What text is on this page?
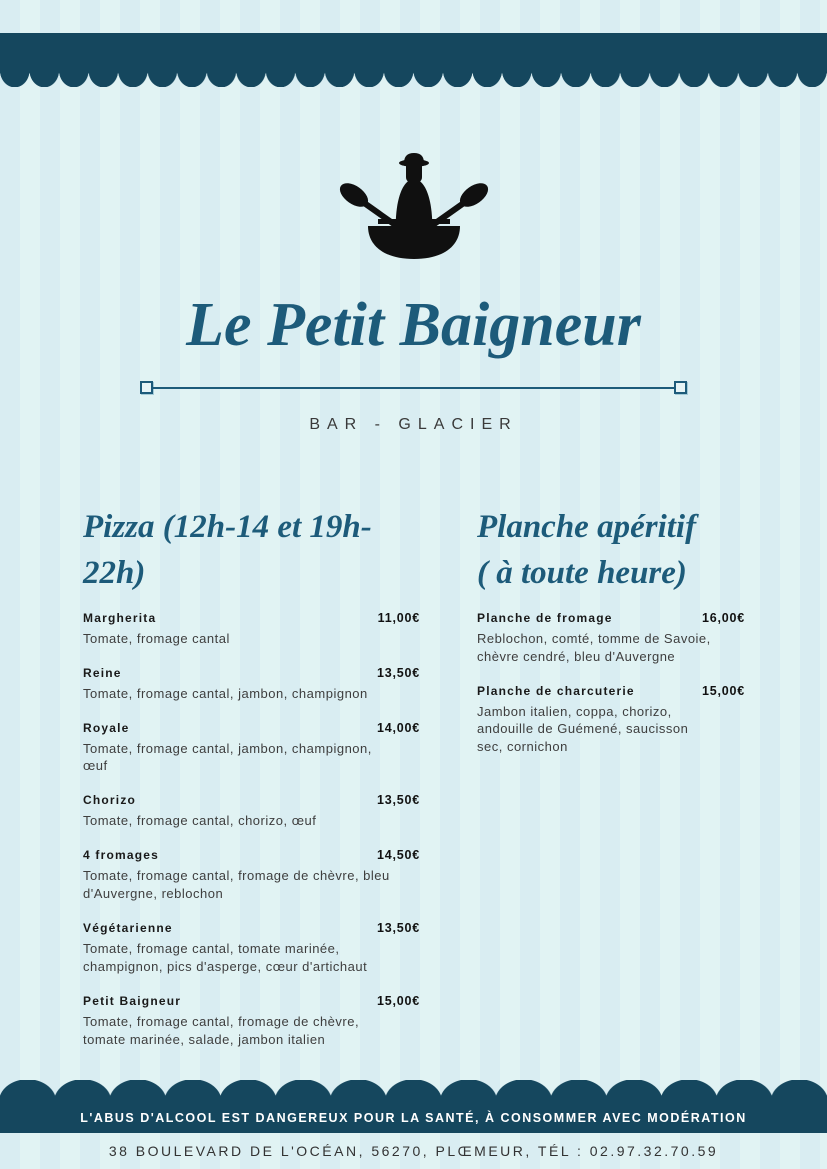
Le Petit Baigneur
BAR - GLACIER
Pizza (12h-14 et 19h-22h)
Margherita	11,00€
Tomate, fromage cantal
Reine	13,50€
Tomate, fromage cantal, jambon, champignon
Royale	14,00€
Tomate, fromage cantal, jambon, champignon, œuf
Chorizo	13,50€
Tomate, fromage cantal, chorizo, œuf
4 fromages	14,50€
Tomate, fromage cantal, fromage de chèvre, bleu d'Auvergne, reblochon
Végétarienne	13,50€
Tomate, fromage cantal, tomate marinée, champignon, pics d'asperge, cœur d'artichaut
Petit Baigneur	15,00€
Tomate, fromage cantal, fromage de chèvre, tomate marinée, salade, jambon italien
Planche apéritif
( à toute heure)
Planche de fromage	16,00€
Reblochon, comté, tomme de Savoie, chèvre cendré, bleu d'Auvergne
Planche de charcuterie	15,00€
Jambon italien, coppa, chorizo, andouille de Guémené, saucisson sec, cornichon
L'ABUS D'ALCOOL EST DANGEREUX POUR LA SANTÉ, À CONSOMMER AVEC MODÉRATION
38 BOULEVARD DE L'OCÉAN, 56270, PLŒMEUR, TÉL : 02.97.32.70.59
